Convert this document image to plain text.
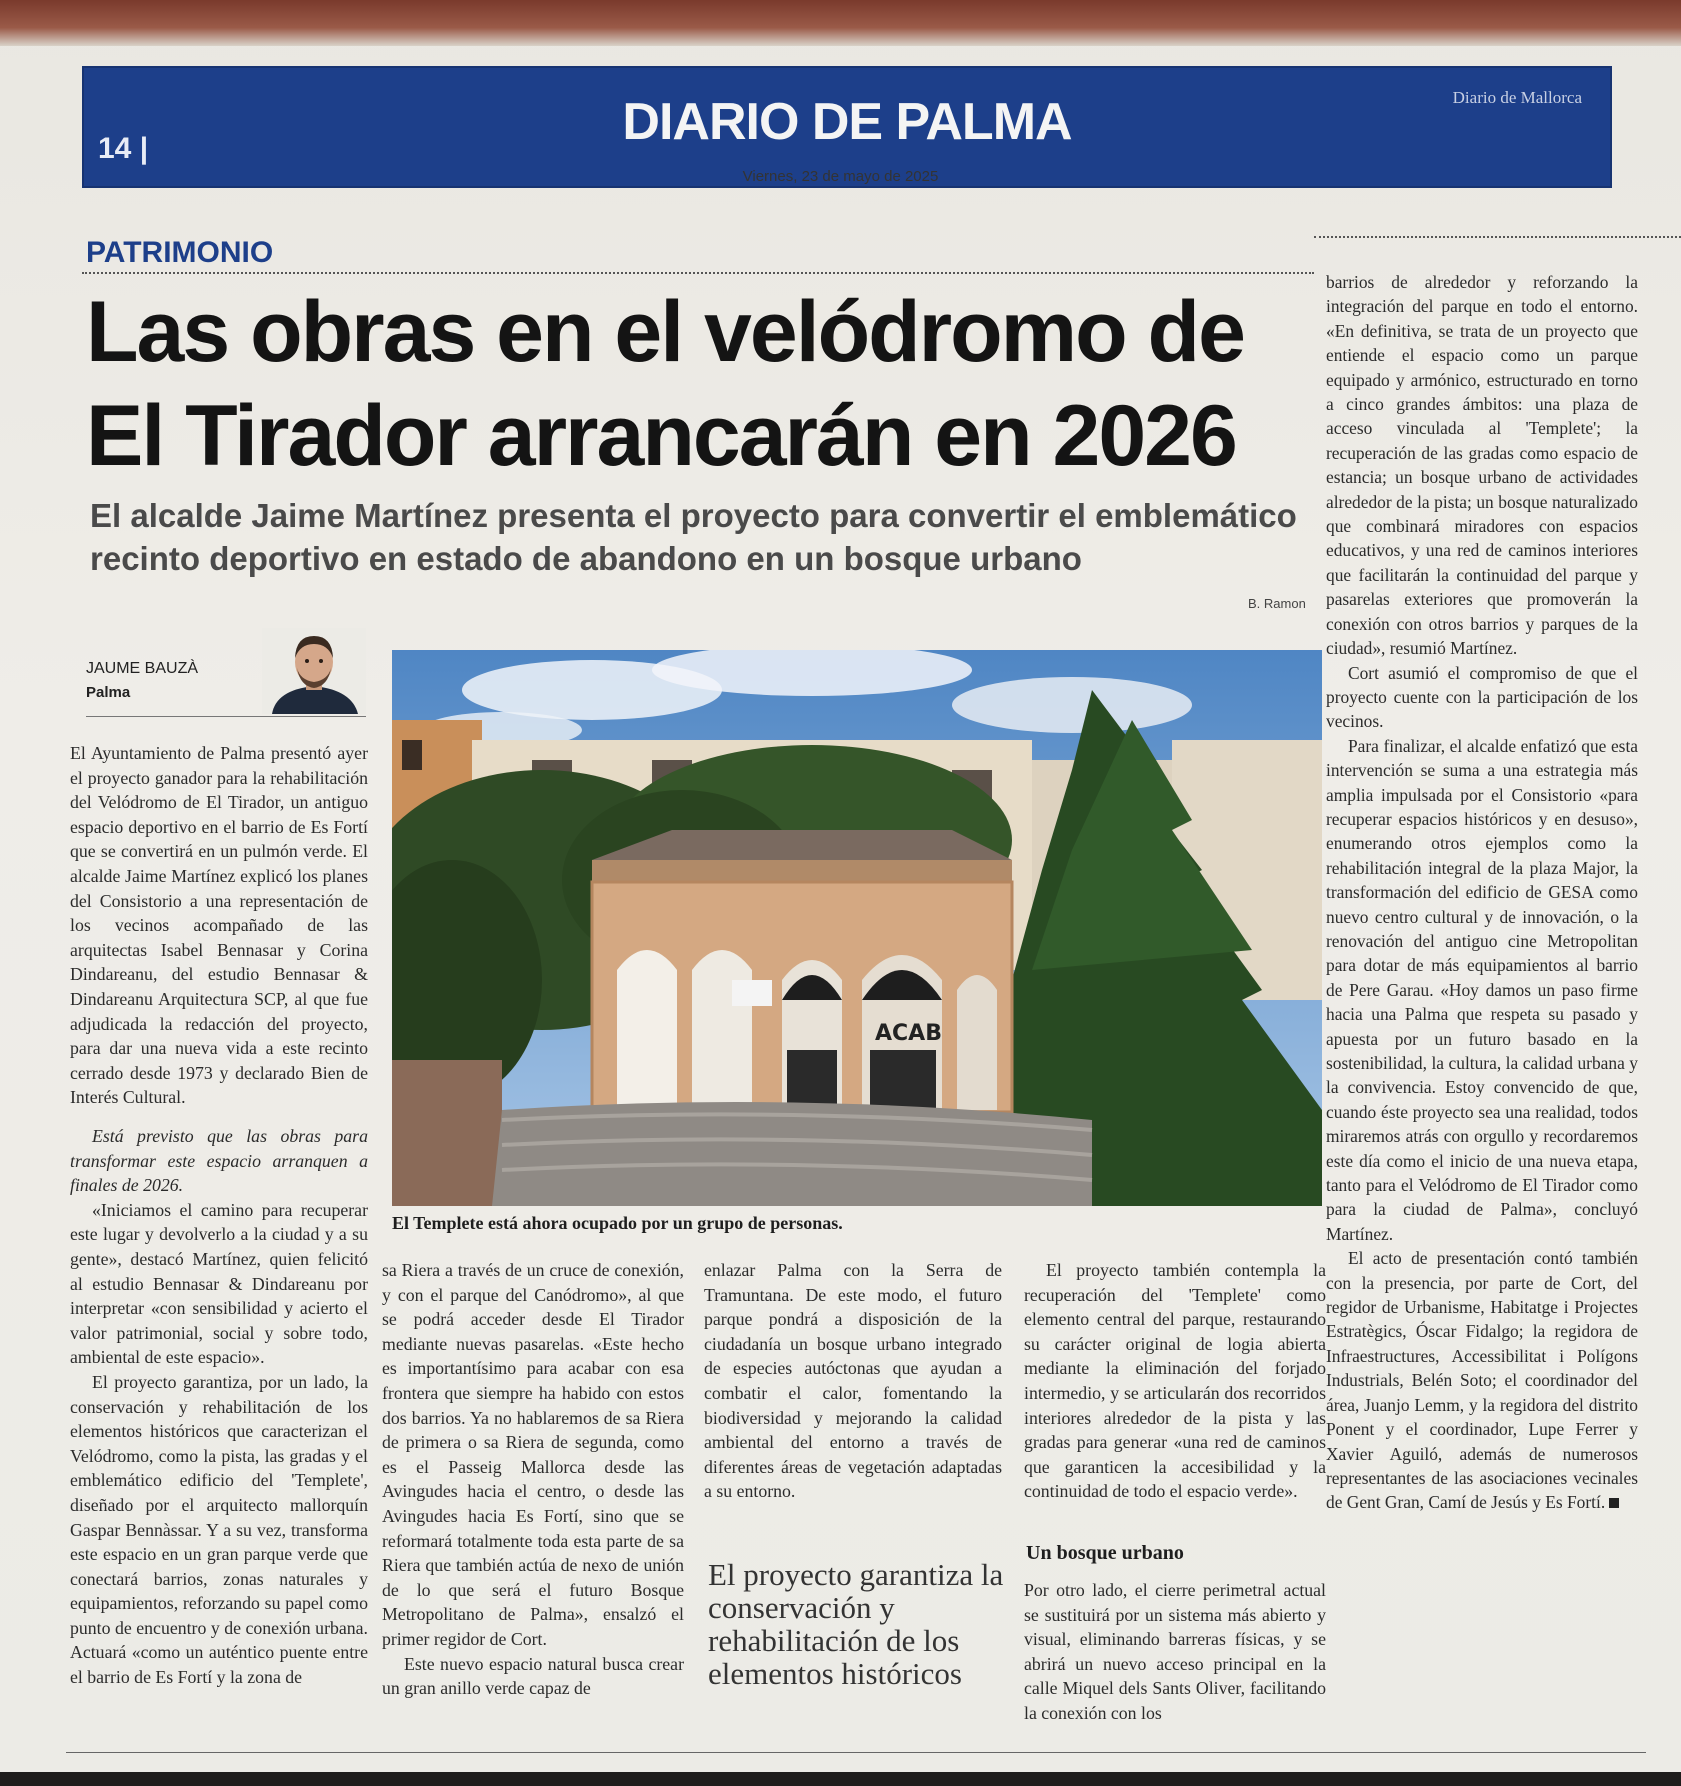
14 |	DIARIO DE PALMA	Diario de Mallorca
Viernes, 23 de mayo de 2025
PATRIMONIO
Las obras en el velódromo de
El Tirador arrancarán en 2026
El alcalde Jaime Martínez presenta el proyecto para convertir el emblemático
recinto deportivo en estado de abandono en un bosque urbano
B. Ramon
JAUME BAUZÀ
Palma
ACAB
El Templete está ahora ocupado por un grupo de personas.

El Ayuntamiento de Palma presentó ayer el proyecto ganador para la rehabilitación del Velódromo de El Tirador, un antiguo espacio deportivo en el barrio de Es Fortí que se convertirá en un pulmón verde. El alcalde Jaime Martínez explicó los planes del Consistorio a una representación de los vecinos acompañado de las arquitectas Isabel Bennasar y Corina Dindareanu, del estudio Bennasar & Dindareanu Arquitectura SCP, al que fue adjudicada la redacción del proyecto, para dar una nueva vida a este recinto cerrado desde 1973 y declarado Bien de Interés Cultural.

Está previsto que las obras para transformar este espacio arranquen a finales de 2026.

«Iniciamos el camino para recuperar este lugar y devolverlo a la ciudad y a su gente», destacó Martínez, quien felicitó al estudio Bennasar & Dindareanu por interpretar «con sensibilidad y acierto el valor patrimonial, social y sobre todo, ambiental de este espacio».

El proyecto garantiza, por un lado, la conservación y rehabilitación de los elementos históricos que caracterizan el Velódromo, como la pista, las gradas y el emblemático edificio del 'Templete', diseñado por el arquitecto mallorquín Gaspar Bennàssar. Y a su vez, transforma este espacio en un gran parque verde que conectará barrios, zonas naturales y equipamientos, reforzando su papel como punto de encuentro y de conexión urbana. Actuará «como un auténtico puente entre el barrio de Es Fortí y la zona de

sa Riera a través de un cruce de conexión, y con el parque del Canódromo», al que se podrá acceder desde El Tirador mediante nuevas pasarelas. «Este hecho es importantísimo para acabar con esa frontera que siempre ha habido con estos dos barrios. Ya no hablaremos de sa Riera de primera o sa Riera de segunda, como es el Passeig Mallorca desde las Avingudes hacia el centro, o desde las Avingudes hacia Es Fortí, sino que se reformará totalmente toda esta parte de sa Riera que también actúa de nexo de unión de lo que será el futuro Bosque Metropolitano de Palma», ensalzó el primer regidor de Cort.

Este nuevo espacio natural busca crear un gran anillo verde capaz de

enlazar Palma con la Serra de Tramuntana. De este modo, el futuro parque pondrá a disposición de la ciudadanía un bosque urbano integrado de especies autóctonas que ayudan a combatir el calor, fomentando la biodiversidad y mejorando la calidad ambiental del entorno a través de diferentes áreas de vegetación adaptadas a su entorno.

El proyecto garantiza la conservación y rehabilitación de los elementos históricos

El proyecto también contempla la recuperación del 'Templete' como elemento central del parque, restaurando su carácter original de logia abierta mediante la eliminación del forjado intermedio, y se articularán dos recorridos interiores alrededor de la pista y las gradas para generar «una red de caminos que garanticen la accesibilidad y la continuidad de todo el espacio verde».

Un bosque urbano

Por otro lado, el cierre perimetral actual se sustituirá por un sistema más abierto y visual, eliminando barreras físicas, y se abrirá un nuevo acceso principal en la calle Miquel dels Sants Oliver, facilitando la conexión con los

barrios de alrededor y reforzando la integración del parque en todo el entorno. «En definitiva, se trata de un proyecto que entiende el espacio como un parque equipado y armónico, estructurado en torno a cinco grandes ámbitos: una plaza de acceso vinculada al 'Templete'; la recuperación de las gradas como espacio de estancia; un bosque urbano de actividades alrededor de la pista; un bosque naturalizado que combinará miradores con espacios educativos, y una red de caminos interiores que facilitarán la continuidad del parque y pasarelas exteriores que promoverán la conexión con otros barrios y parques de la ciudad», resumió Martínez.

Cort asumió el compromiso de que el proyecto cuente con la participación de los vecinos.

Para finalizar, el alcalde enfatizó que esta intervención se suma a una estrategia más amplia impulsada por el Consistorio «para recuperar espacios históricos y en desuso», enumerando otros ejemplos como la rehabilitación integral de la plaza Major, la transformación del edificio de GESA como nuevo centro cultural y de innovación, o la renovación del antiguo cine Metropolitan para dotar de más equipamientos al barrio de Pere Garau. «Hoy damos un paso firme hacia una Palma que respeta su pasado y apuesta por un futuro basado en la sostenibilidad, la cultura, la calidad urbana y la convivencia. Estoy convencido de que, cuando éste proyecto sea una realidad, todos miraremos atrás con orgullo y recordaremos este día como el inicio de una nueva etapa, tanto para el Velódromo de El Tirador como para la ciudad de Palma», concluyó Martínez.

El acto de presentación contó también con la presencia, por parte de Cort, del regidor de Urbanisme, Habitatge i Projectes Estratègics, Óscar Fidalgo; la regidora de Infraestructures, Accessibilitat i Polígons Industrials, Belén Soto; el coordinador del área, Juanjo Lemm, y la regidora del distrito Ponent y el coordinador, Lupe Ferrer y Xavier Aguiló, además de numerosos representantes de las asociaciones vecinales de Gent Gran, Camí de Jesús y Es Fortí.
